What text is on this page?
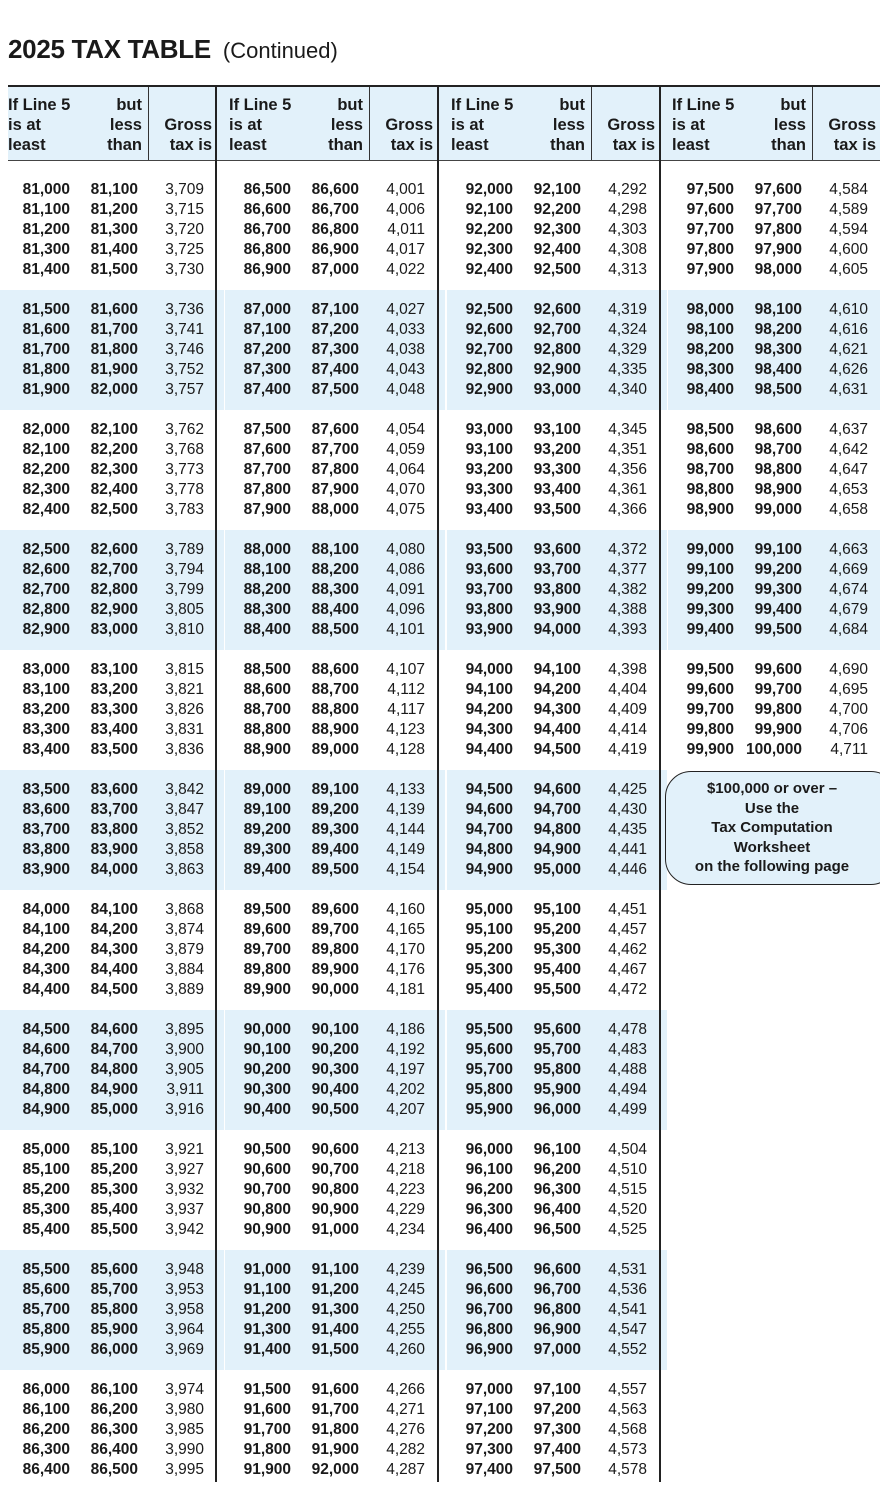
2025 TAX TABLE (Continued)
If Line 5
is at
least
but
less
than
Gross
tax is
If Line 5
is at
least
but
less
than
Gross
tax is
If Line 5
is at
least
but
less
than
Gross
tax is
If Line 5
is at
least
but
less
than
Gross
tax is
81,000	81,100	3,709
81,100	81,200	3,715
81,200	81,300	3,720
81,300	81,400	3,725
81,400	81,500	3,730
81,500	81,600	3,736
81,600	81,700	3,741
81,700	81,800	3,746
81,800	81,900	3,752
81,900	82,000	3,757
82,000	82,100	3,762
82,100	82,200	3,768
82,200	82,300	3,773
82,300	82,400	3,778
82,400	82,500	3,783
82,500	82,600	3,789
82,600	82,700	3,794
82,700	82,800	3,799
82,800	82,900	3,805
82,900	83,000	3,810
83,000	83,100	3,815
83,100	83,200	3,821
83,200	83,300	3,826
83,300	83,400	3,831
83,400	83,500	3,836
83,500	83,600	3,842
83,600	83,700	3,847
83,700	83,800	3,852
83,800	83,900	3,858
83,900	84,000	3,863
84,000	84,100	3,868
84,100	84,200	3,874
84,200	84,300	3,879
84,300	84,400	3,884
84,400	84,500	3,889
84,500	84,600	3,895
84,600	84,700	3,900
84,700	84,800	3,905
84,800	84,900	3,911
84,900	85,000	3,916
85,000	85,100	3,921
85,100	85,200	3,927
85,200	85,300	3,932
85,300	85,400	3,937
85,400	85,500	3,942
85,500	85,600	3,948
85,600	85,700	3,953
85,700	85,800	3,958
85,800	85,900	3,964
85,900	86,000	3,969
86,000	86,100	3,974
86,100	86,200	3,980
86,200	86,300	3,985
86,300	86,400	3,990
86,400	86,500	3,995
86,500	86,600	4,001
86,600	86,700	4,006
86,700	86,800	4,011
86,800	86,900	4,017
86,900	87,000	4,022
87,000	87,100	4,027
87,100	87,200	4,033
87,200	87,300	4,038
87,300	87,400	4,043
87,400	87,500	4,048
87,500	87,600	4,054
87,600	87,700	4,059
87,700	87,800	4,064
87,800	87,900	4,070
87,900	88,000	4,075
88,000	88,100	4,080
88,100	88,200	4,086
88,200	88,300	4,091
88,300	88,400	4,096
88,400	88,500	4,101
88,500	88,600	4,107
88,600	88,700	4,112
88,700	88,800	4,117
88,800	88,900	4,123
88,900	89,000	4,128
89,000	89,100	4,133
89,100	89,200	4,139
89,200	89,300	4,144
89,300	89,400	4,149
89,400	89,500	4,154
89,500	89,600	4,160
89,600	89,700	4,165
89,700	89,800	4,170
89,800	89,900	4,176
89,900	90,000	4,181
90,000	90,100	4,186
90,100	90,200	4,192
90,200	90,300	4,197
90,300	90,400	4,202
90,400	90,500	4,207
90,500	90,600	4,213
90,600	90,700	4,218
90,700	90,800	4,223
90,800	90,900	4,229
90,900	91,000	4,234
91,000	91,100	4,239
91,100	91,200	4,245
91,200	91,300	4,250
91,300	91,400	4,255
91,400	91,500	4,260
91,500	91,600	4,266
91,600	91,700	4,271
91,700	91,800	4,276
91,800	91,900	4,282
91,900	92,000	4,287
92,000	92,100	4,292
92,100	92,200	4,298
92,200	92,300	4,303
92,300	92,400	4,308
92,400	92,500	4,313
92,500	92,600	4,319
92,600	92,700	4,324
92,700	92,800	4,329
92,800	92,900	4,335
92,900	93,000	4,340
93,000	93,100	4,345
93,100	93,200	4,351
93,200	93,300	4,356
93,300	93,400	4,361
93,400	93,500	4,366
93,500	93,600	4,372
93,600	93,700	4,377
93,700	93,800	4,382
93,800	93,900	4,388
93,900	94,000	4,393
94,000	94,100	4,398
94,100	94,200	4,404
94,200	94,300	4,409
94,300	94,400	4,414
94,400	94,500	4,419
94,500	94,600	4,425
94,600	94,700	4,430
94,700	94,800	4,435
94,800	94,900	4,441
94,900	95,000	4,446
95,000	95,100	4,451
95,100	95,200	4,457
95,200	95,300	4,462
95,300	95,400	4,467
95,400	95,500	4,472
95,500	95,600	4,478
95,600	95,700	4,483
95,700	95,800	4,488
95,800	95,900	4,494
95,900	96,000	4,499
96,000	96,100	4,504
96,100	96,200	4,510
96,200	96,300	4,515
96,300	96,400	4,520
96,400	96,500	4,525
96,500	96,600	4,531
96,600	96,700	4,536
96,700	96,800	4,541
96,800	96,900	4,547
96,900	97,000	4,552
97,000	97,100	4,557
97,100	97,200	4,563
97,200	97,300	4,568
97,300	97,400	4,573
97,400	97,500	4,578
97,500	97,600	4,584
97,600	97,700	4,589
97,700	97,800	4,594
97,800	97,900	4,600
97,900	98,000	4,605
98,000	98,100	4,610
98,100	98,200	4,616
98,200	98,300	4,621
98,300	98,400	4,626
98,400	98,500	4,631
98,500	98,600	4,637
98,600	98,700	4,642
98,700	98,800	4,647
98,800	98,900	4,653
98,900	99,000	4,658
99,000	99,100	4,663
99,100	99,200	4,669
99,200	99,300	4,674
99,300	99,400	4,679
99,400	99,500	4,684
99,500	99,600	4,690
99,600	99,700	4,695
99,700	99,800	4,700
99,800	99,900	4,706
99,900 100,000	4,711
$100,000 or over –
Use the
Tax Computation
Worksheet
on the following page
